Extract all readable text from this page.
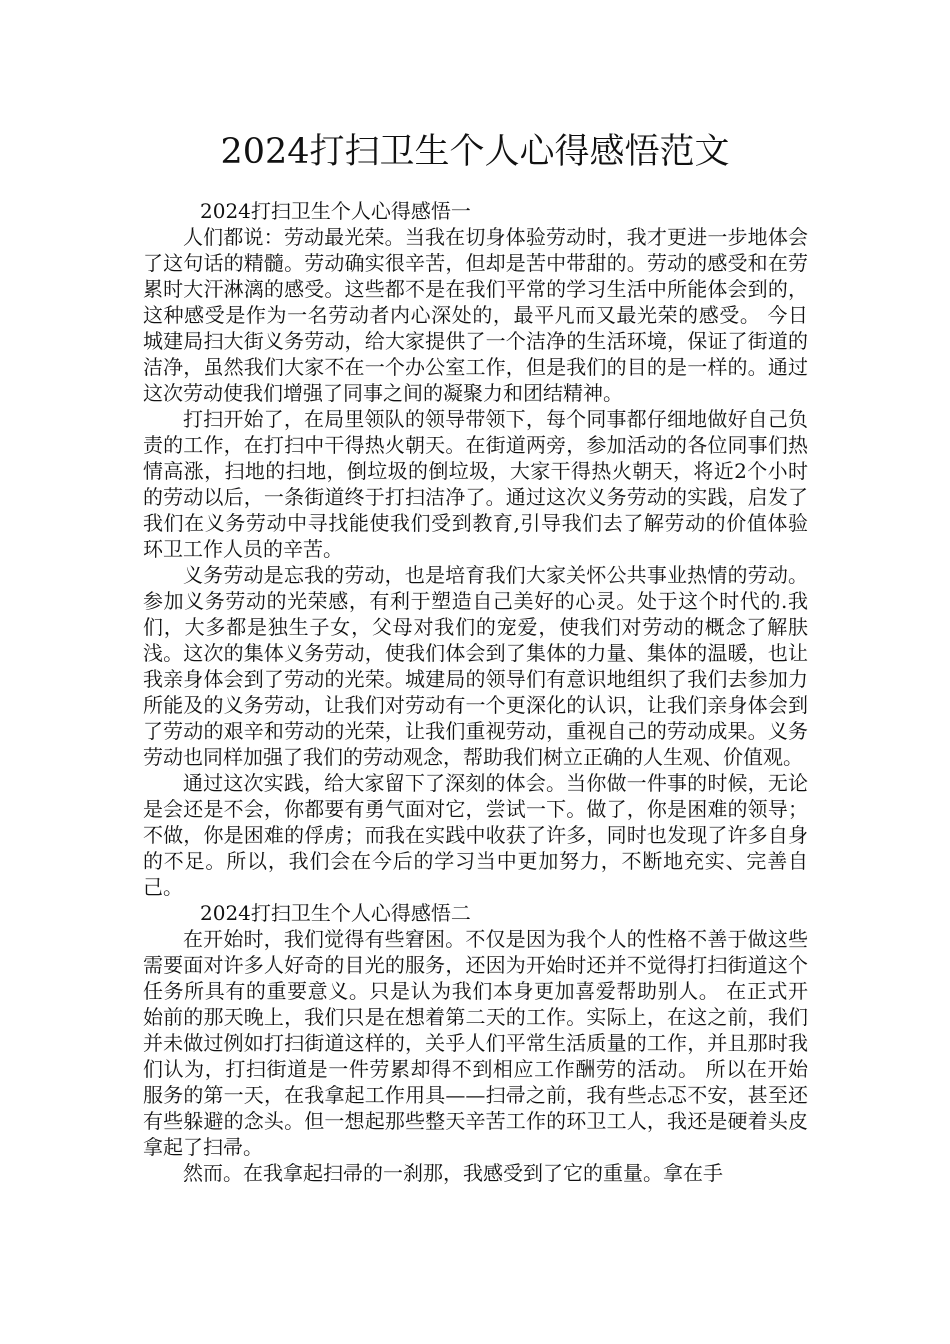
2024打扫卫生个人心得感悟范文
2024打扫卫生个人心得感悟一

人们都说：劳动最光荣。当我在切身体验劳动时，我才更进一步地体会了这句话的精髓。劳动确实很辛苦，但却是苦中带甜的。劳动的感受和在劳累时大汗淋漓的感受。这些都不是在我们平常的学习生活中所能体会到的，这种感受是作为一名劳动者内心深处的，最平凡而又最光荣的感受。 今日城建局扫大街义务劳动，给大家提供了一个洁净的生活环境，保证了街道的洁净，虽然我们大家不在一个办公室工作，但是我们的目的是一样的。通过这次劳动使我们增强了同事之间的凝聚力和团结精神。

打扫开始了，在局里领队的领导带领下，每个同事都仔细地做好自己负责的工作，在打扫中干得热火朝天。在街道两旁，参加活动的各位同事们热情高涨，扫地的扫地，倒垃圾的倒垃圾，大家干得热火朝天，将近2个小时的劳动以后，一条街道终于打扫洁净了。通过这次义务劳动的实践，启发了我们在义务劳动中寻找能使我们受到教育,引导我们去了解劳动的价值体验环卫工作人员的辛苦。

义务劳动是忘我的劳动，也是培育我们大家关怀公共事业热情的劳动。参加义务劳动的光荣感，有利于塑造自己美好的心灵。处于这个时代的.我们，大多都是独生子女，父母对我们的宠爱，使我们对劳动的概念了解肤浅。这次的集体义务劳动，使我们体会到了集体的力量、集体的温暖，也让我亲身体会到了劳动的光荣。城建局的领导们有意识地组织了我们去参加力所能及的义务劳动，让我们对劳动有一个更深化的认识，让我们亲身体会到了劳动的艰辛和劳动的光荣，让我们重视劳动，重视自己的劳动成果。义务劳动也同样加强了我们的劳动观念，帮助我们树立正确的人生观、价值观。

通过这次实践，给大家留下了深刻的体会。当你做一件事的时候，无论是会还是不会，你都要有勇气面对它，尝试一下。做了，你是困难的领导；不做，你是困难的俘虏；而我在实践中收获了许多，同时也发现了许多自身的不足。所以，我们会在今后的学习当中更加努力，不断地充实、完善自己。

2024打扫卫生个人心得感悟二

在开始时，我们觉得有些窘困。不仅是因为我个人的性格不善于做这些需要面对许多人好奇的目光的服务，还因为开始时还并不觉得打扫街道这个任务所具有的重要意义。只是认为我们本身更加喜爱帮助别人。 在正式开始前的那天晚上，我们只是在想着第二天的工作。实际上，在这之前，我们并未做过例如打扫街道这样的，关乎人们平常生活质量的工作，并且那时我们认为，打扫街道是一件劳累却得不到相应工作酬劳的活动。 所以在开始服务的第一天，在我拿起工作用具——扫帚之前，我有些忐忑不安，甚至还有些躲避的念头。但一想起那些整天辛苦工作的环卫工人，我还是硬着头皮拿起了扫帚。

然而。在我拿起扫帚的一刹那，我感受到了它的重量。拿在手
